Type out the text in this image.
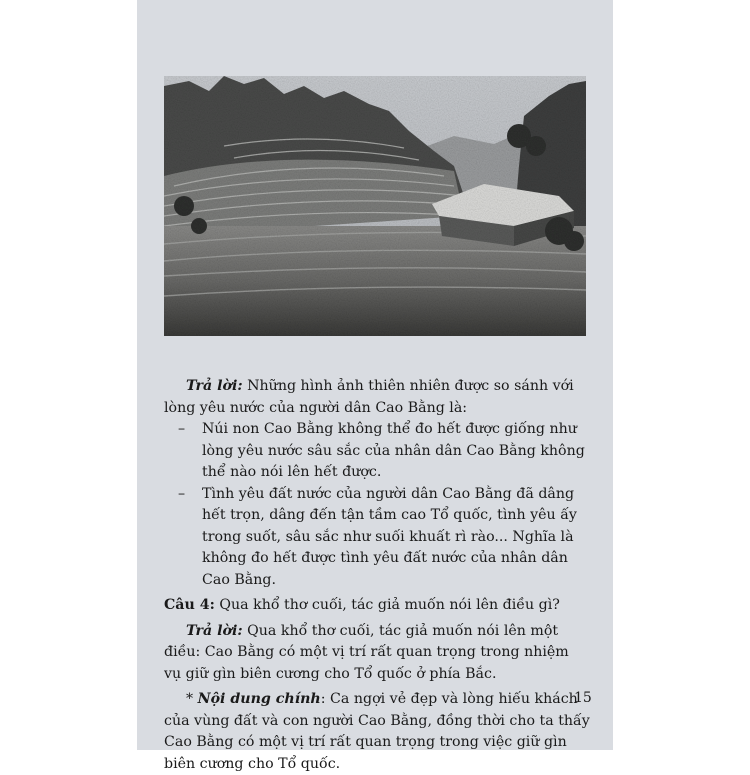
Trả lời: Những hình ảnh thiên nhiên được so sánh với lòng yêu nước của người dân Cao Bằng là:

– Núi non Cao Bằng không thể đo hết được giống như lòng yêu nước sâu sắc của nhân dân Cao Bằng không thể nào nói lên hết được.

– Tình yêu đất nước của người dân Cao Bằng đã dâng hết trọn, dâng đến tận tầm cao Tổ quốc, tình yêu ấy trong suốt, sâu sắc như suối khuất rì rào... Nghĩa là không đo hết được tình yêu đất nước của nhân dân Cao Bằng.

Câu 4: Qua khổ thơ cuối, tác giả muốn nói lên điều gì?

Trả lời: Qua khổ thơ cuối, tác giả muốn nói lên một điều: Cao Bằng có một vị trí rất quan trọng trong nhiệm vụ giữ gìn biên cương cho Tổ quốc ở phía Bắc.

* Nội dung chính: Ca ngợi vẻ đẹp và lòng hiếu khách của vùng đất và con người Cao Bằng, đồng thời cho ta thấy Cao Bằng có một vị trí rất quan trọng trong việc giữ gìn biên cương cho Tổ quốc.

15
